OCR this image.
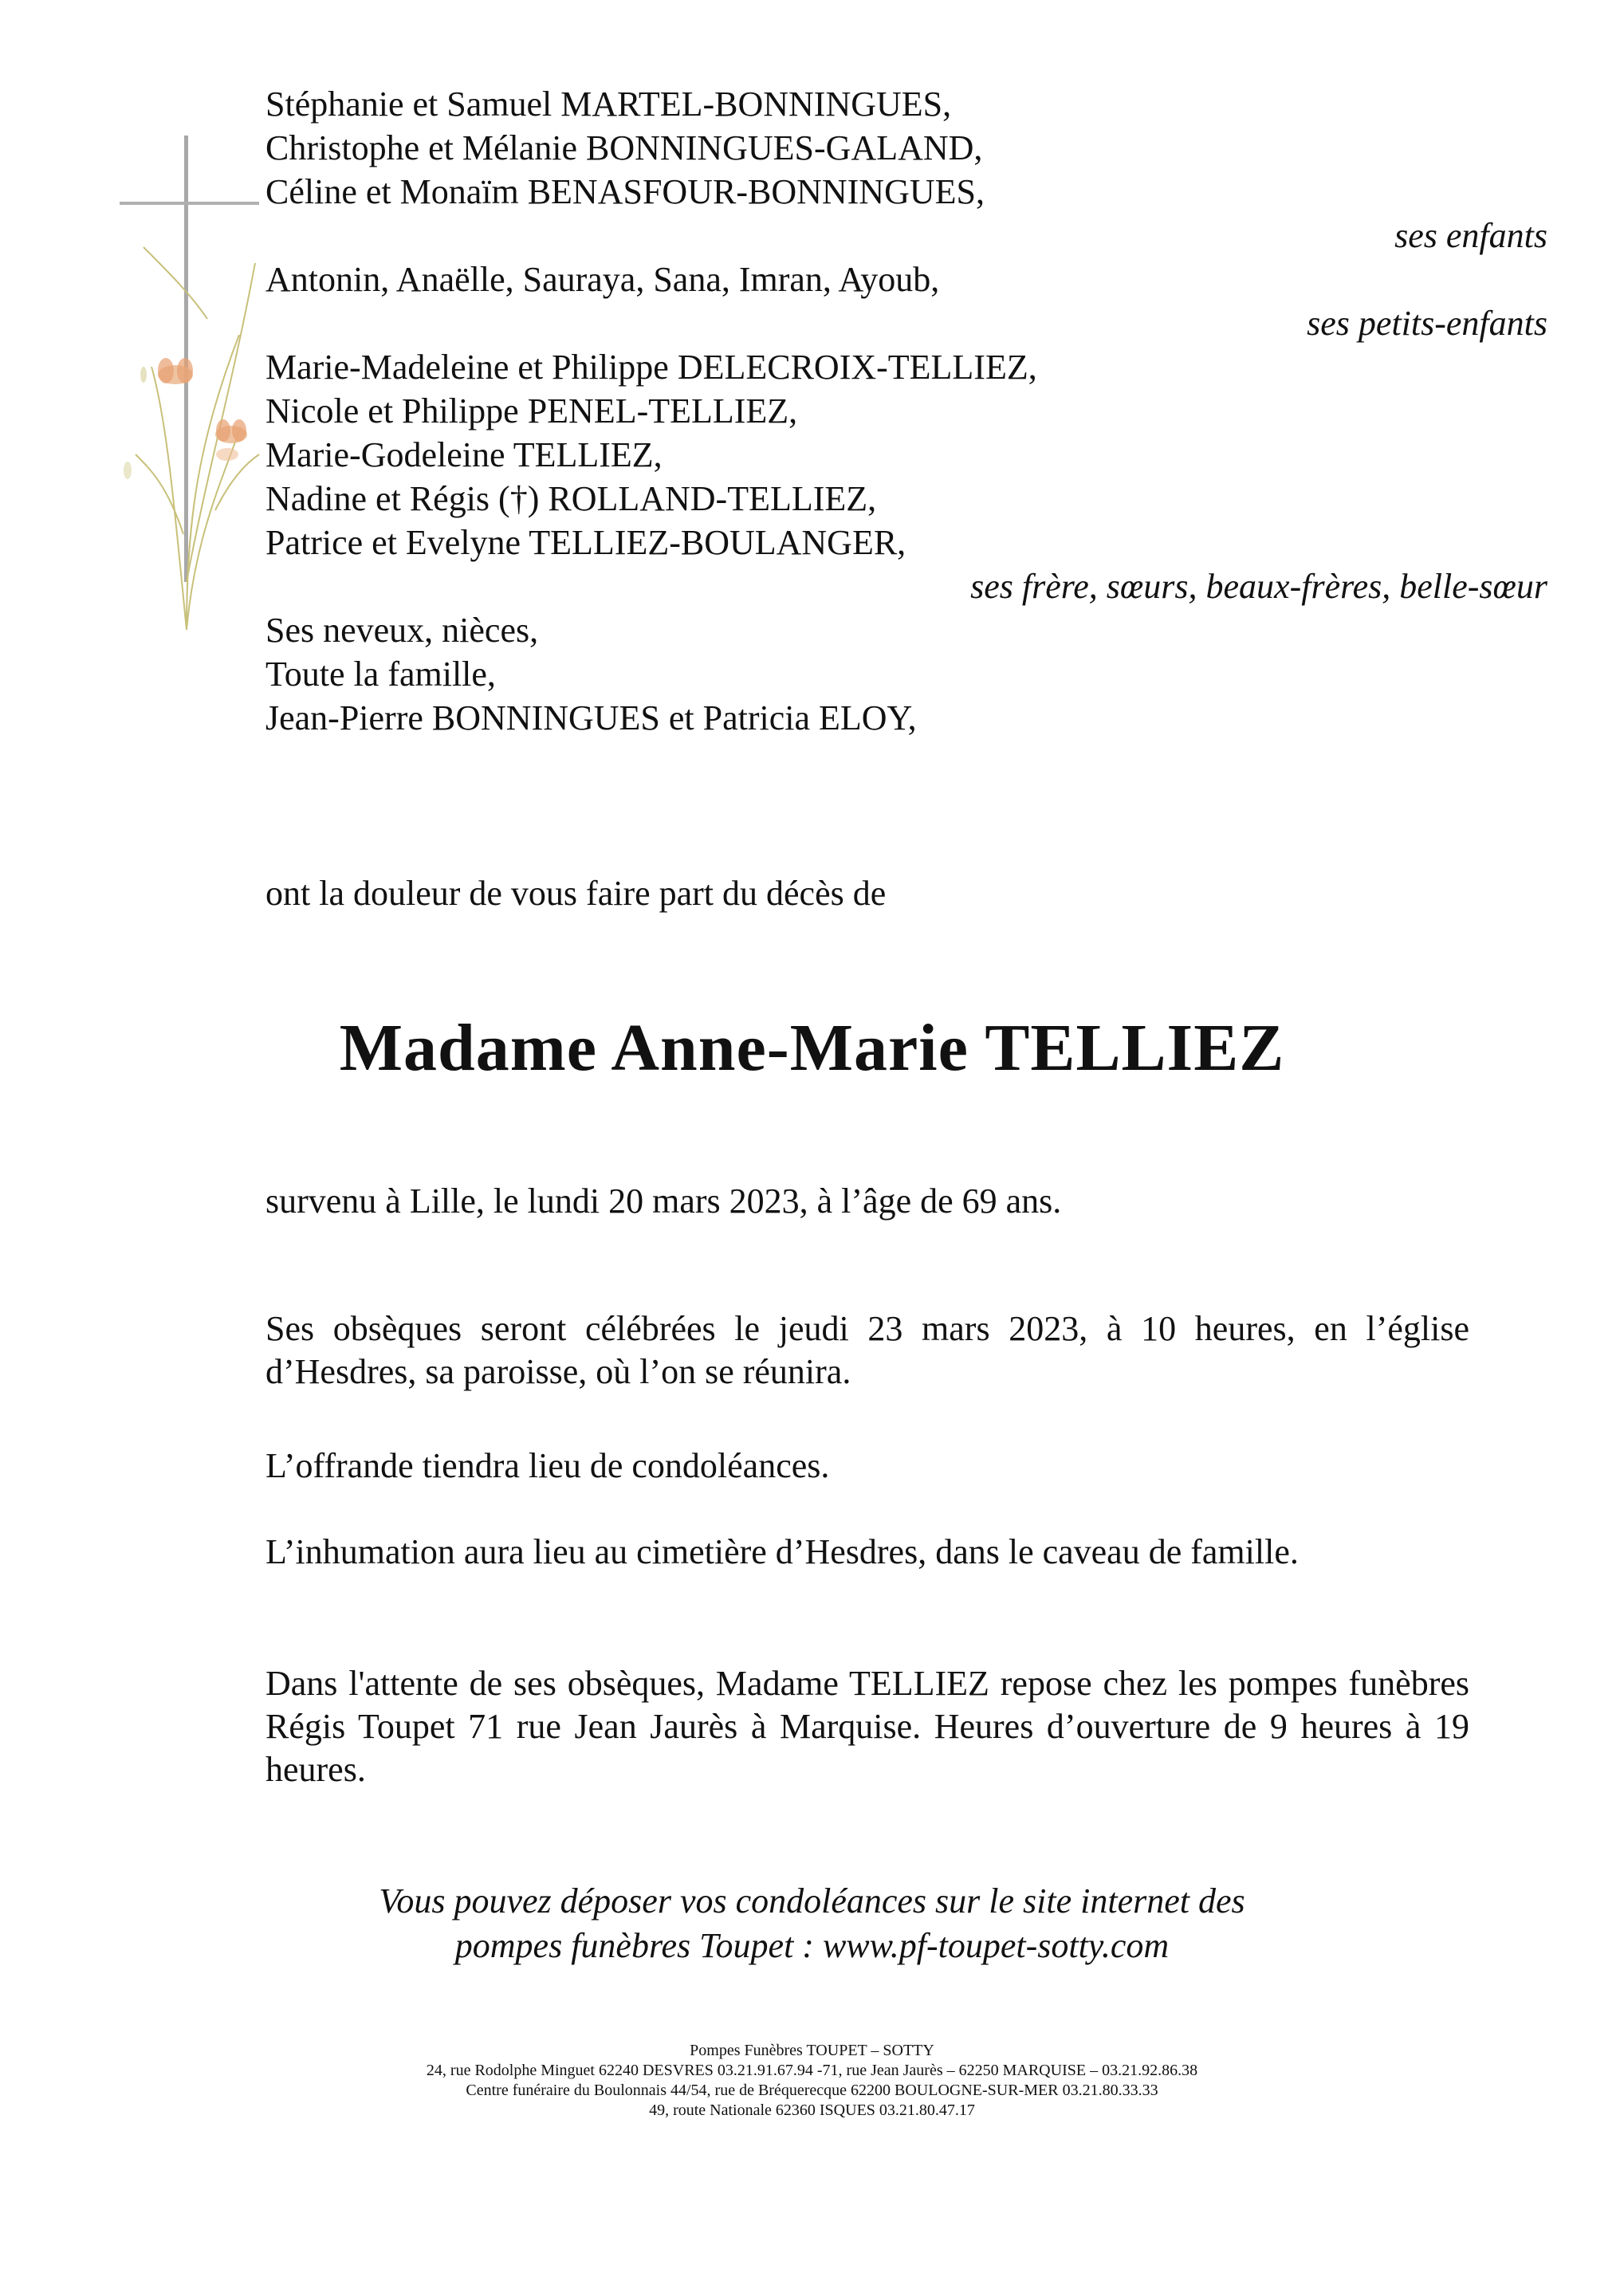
Stéphanie et Samuel MARTEL-BONNINGUES,
Christophe et Mélanie BONNINGUES-GALAND,
Céline et Monaïm BENASFOUR-BONNINGUES,
ses enfants
Antonin, Anaëlle, Sauraya, Sana, Imran, Ayoub,
ses petits-enfants
Marie-Madeleine et Philippe DELECROIX-TELLIEZ,
Nicole et Philippe PENEL-TELLIEZ,
Marie-Godeleine TELLIEZ,
Nadine et Régis (†) ROLLAND-TELLIEZ,
Patrice et Evelyne TELLIEZ-BOULANGER,
ses frère, sœurs, beaux-frères, belle-sœur
Ses neveux, nièces,
Toute la famille,
Jean-Pierre BONNINGUES et Patricia ELOY,
ont la douleur de vous faire part du décès de
Madame Anne-Marie TELLIEZ
survenu à Lille, le lundi 20 mars 2023, à l’âge de 69 ans.
Ses obsèques seront célébrées le jeudi 23 mars 2023, à 10 heures, en l’église d’Hesdres, sa paroisse, où l’on se réunira.
L’offrande tiendra lieu de condoléances.
L’inhumation aura lieu au cimetière d’Hesdres, dans le caveau de famille.
Dans l'attente de ses obsèques, Madame TELLIEZ repose chez les pompes funèbres Régis Toupet 71 rue Jean Jaurès à Marquise. Heures d’ouverture de 9 heures à 19 heures.
Vous pouvez déposer vos condoléances sur le site internet des
pompes funèbres Toupet : www.pf-toupet-sotty.com
Pompes Funèbres TOUPET – SOTTY
24, rue Rodolphe Minguet 62240 DESVRES 03.21.91.67.94 -71, rue Jean Jaurès – 62250 MARQUISE – 03.21.92.86.38
Centre funéraire du Boulonnais 44/54, rue de Bréquerecque 62200 BOULOGNE-SUR-MER 03.21.80.33.33
49, route Nationale 62360 ISQUES 03.21.80.47.17
